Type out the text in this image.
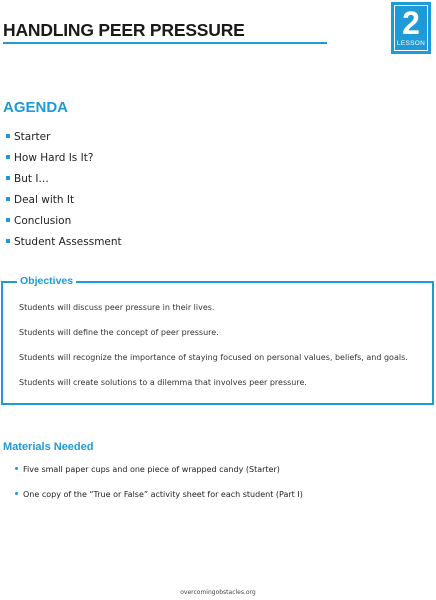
HANDLING PEER PRESSURE	2
LESSON
AGENDA
Starter
How Hard Is It?
But I…
Deal with It
Conclusion
Student Assessment
Objectives
Students will discuss peer pressure in their lives.
Students will define the concept of peer pressure.
Students will recognize the importance of staying focused on personal values, beliefs, and goals.
Students will create solutions to a dilemma that involves peer pressure.
Materials Needed
Five small paper cups and one piece of wrapped candy (Starter)
One copy of the “True or False” activity sheet for each student (Part I)
overcomingobstacles.org
